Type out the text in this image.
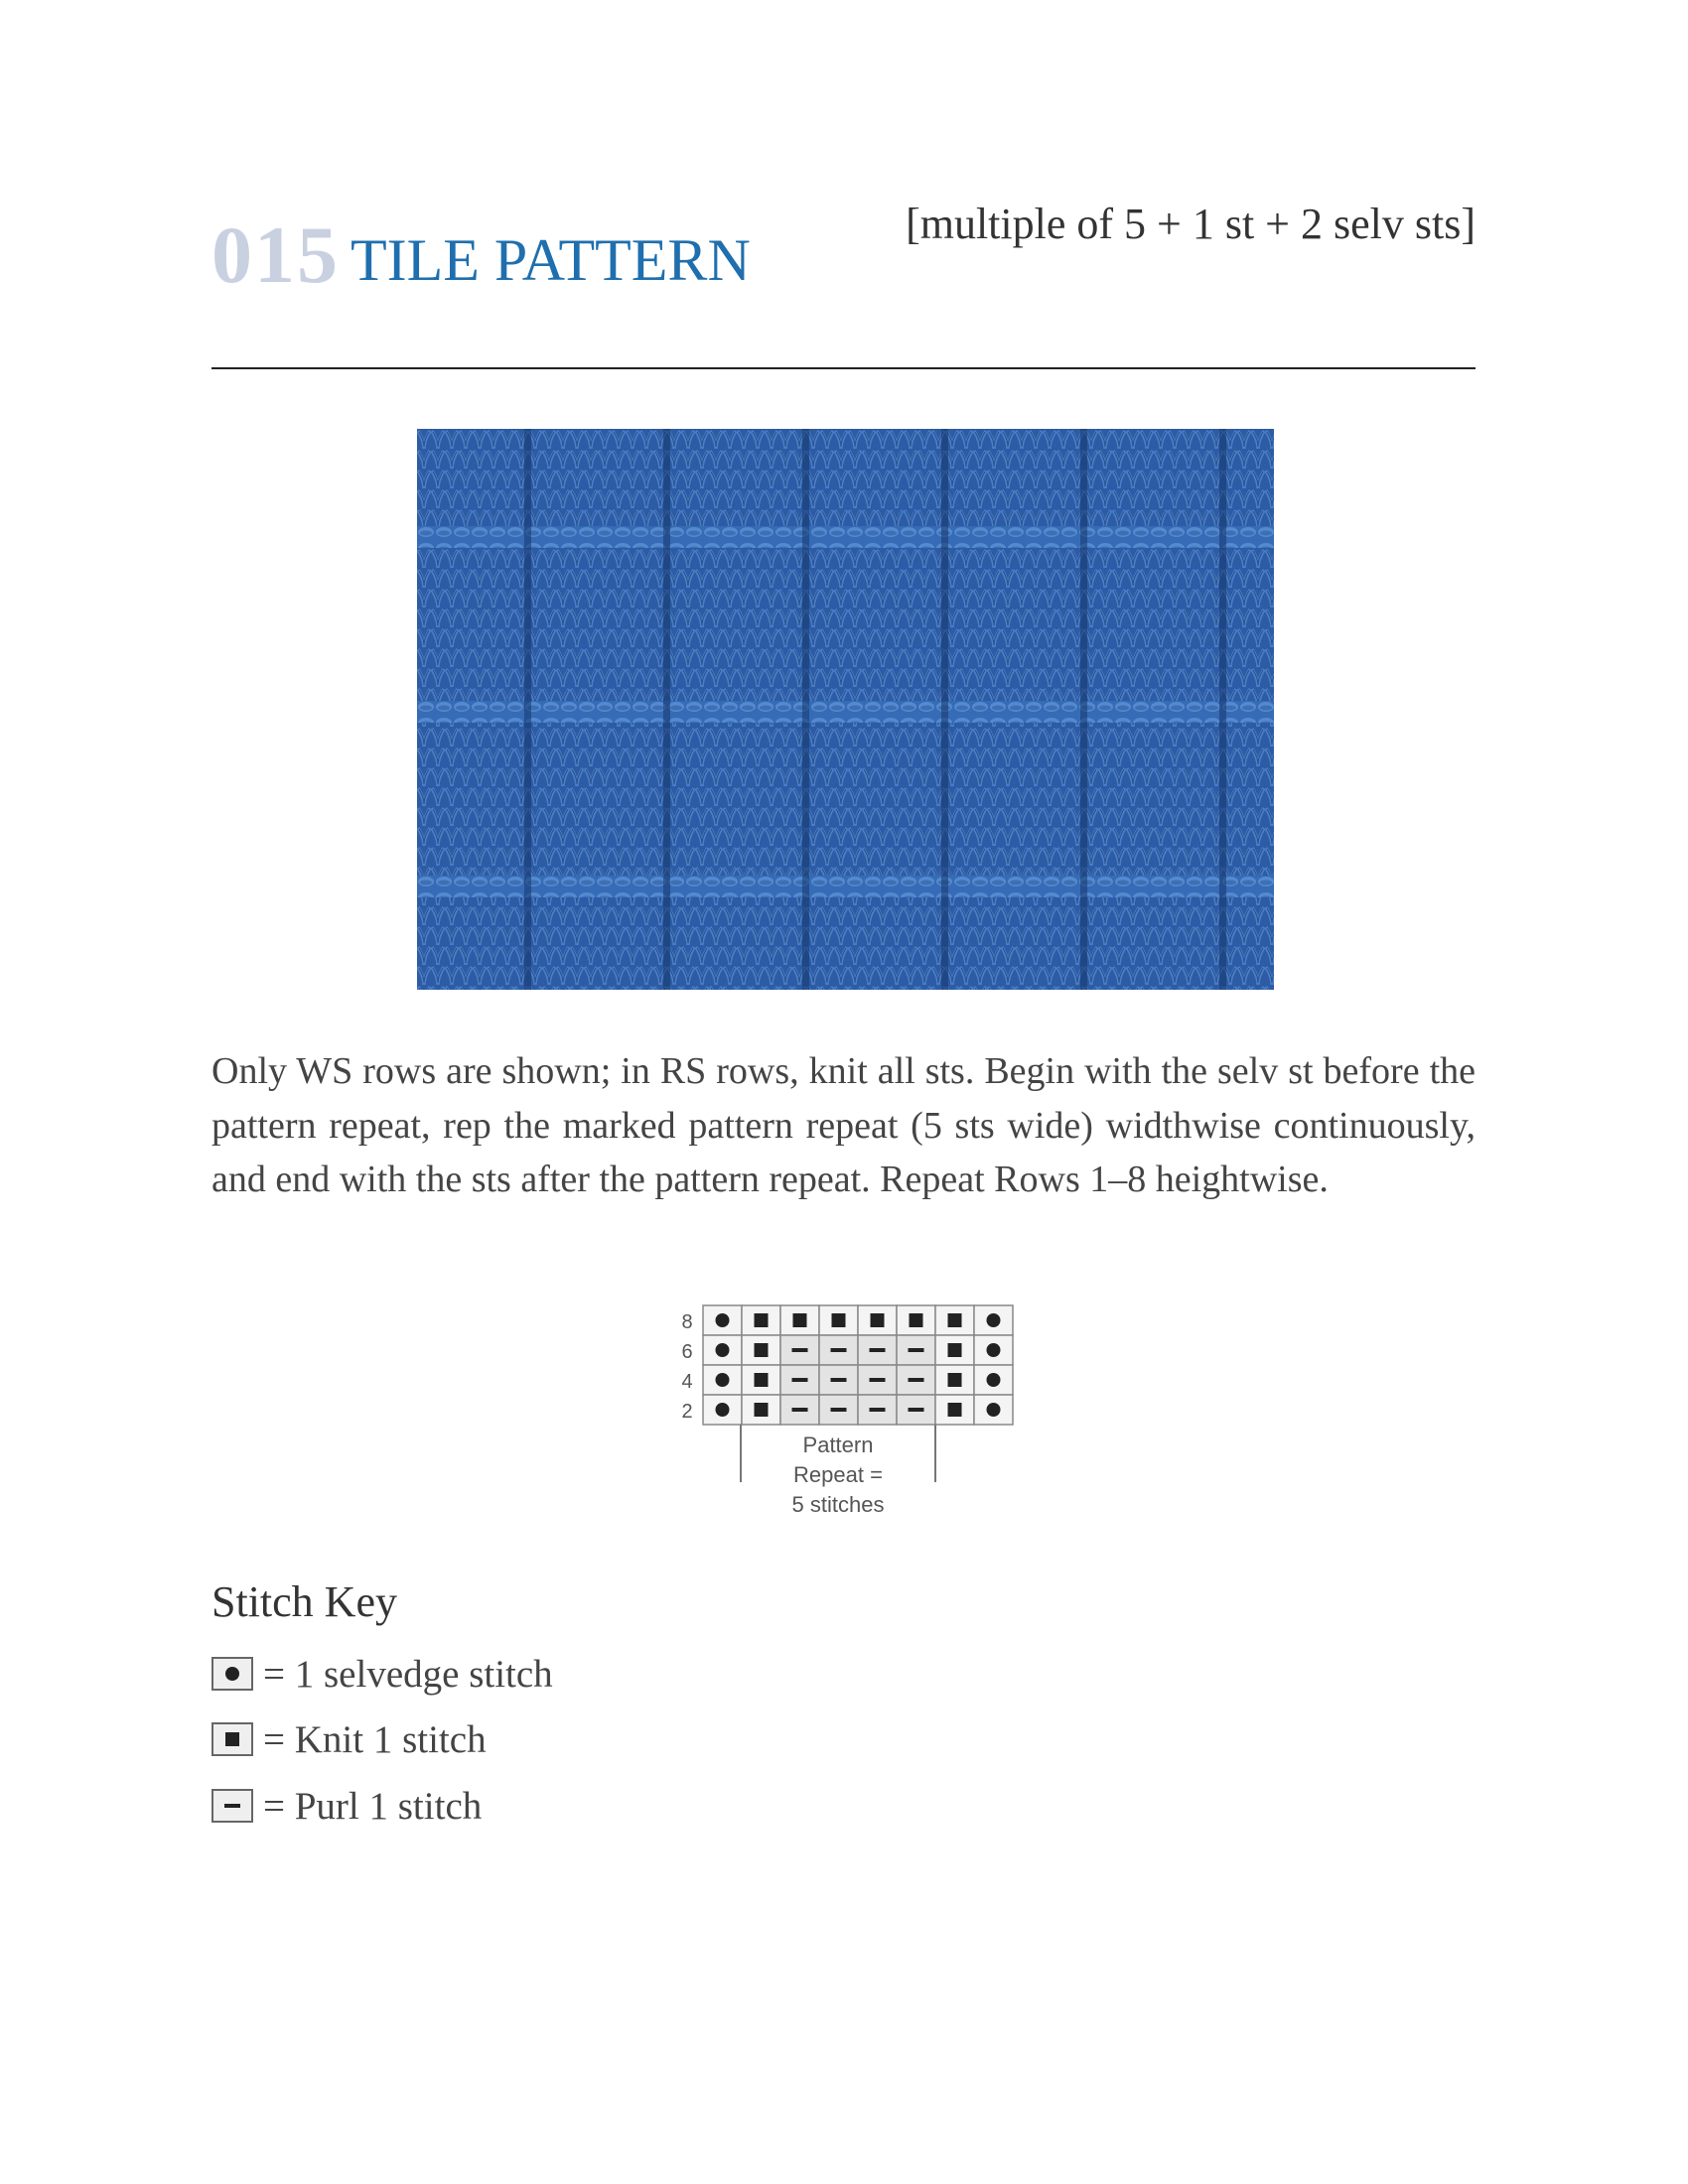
015 TILE PATTERN
[multiple of 5 + 1 st + 2 selv sts]
Only WS rows are shown; in RS rows, knit all sts. Begin with the selv st before the pattern repeat, rep the marked pattern repeat (5 sts wide) widthwise continuously, and end with the sts after the pattern repeat. Repeat Rows 1–8 heightwise.
8
6
4
2
Pattern
Repeat =
5 stitches
Stitch Key
= 1 selvedge stitch
= Knit 1 stitch
= Purl 1 stitch
